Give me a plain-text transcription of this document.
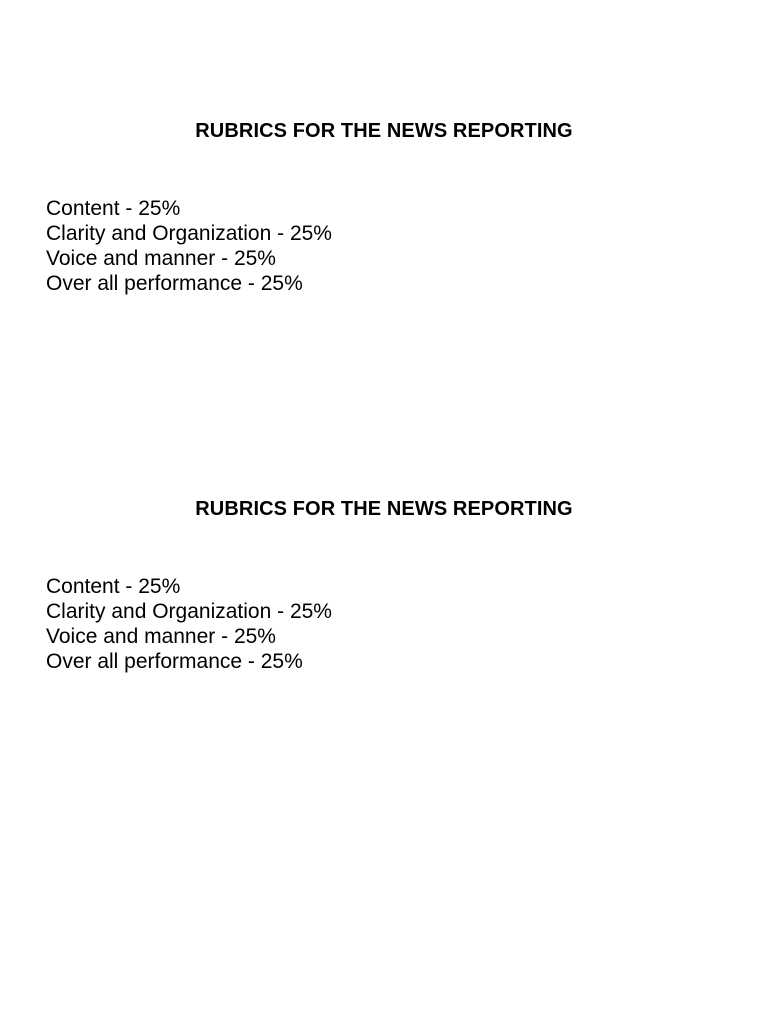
RUBRICS FOR THE NEWS REPORTING
Content - 25%
Clarity and Organization - 25%
Voice and manner - 25%
Over all performance - 25%
RUBRICS FOR THE NEWS REPORTING
Content - 25%
Clarity and Organization - 25%
Voice and manner - 25%
Over all performance - 25%
